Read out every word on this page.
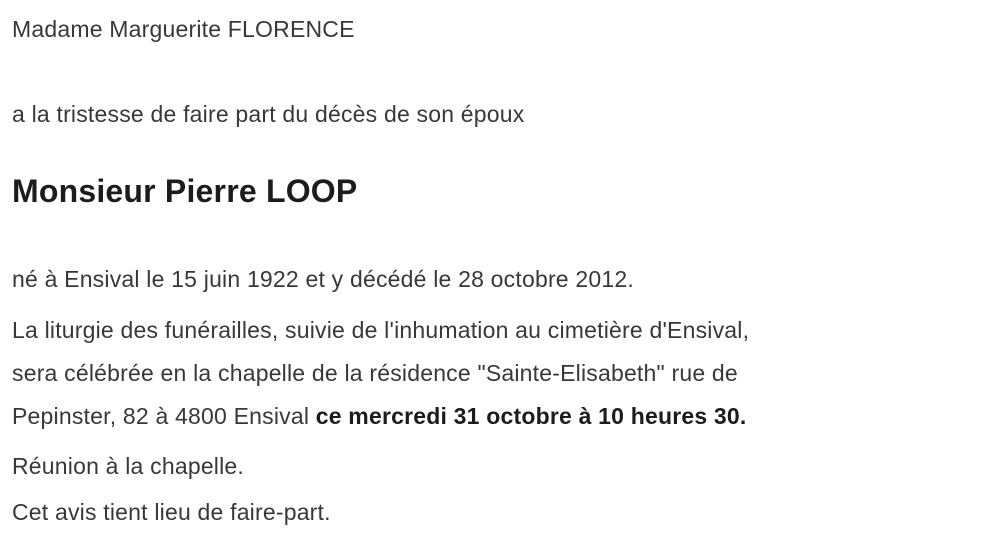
Madame Marguerite FLORENCE

a la tristesse de faire part du décès de son époux

Monsieur Pierre LOOP

né à Ensival le 15 juin 1922 et y décédé le 28 octobre 2012.

La liturgie des funérailles, suivie de l'inhumation au cimetière d'Ensival,
sera célébrée en la chapelle de la résidence "Sainte-Elisabeth" rue de
Pepinster, 82 à 4800 Ensival ce mercredi 31 octobre à 10 heures 30.

Réunion à la chapelle.

Cet avis tient lieu de faire-part.
